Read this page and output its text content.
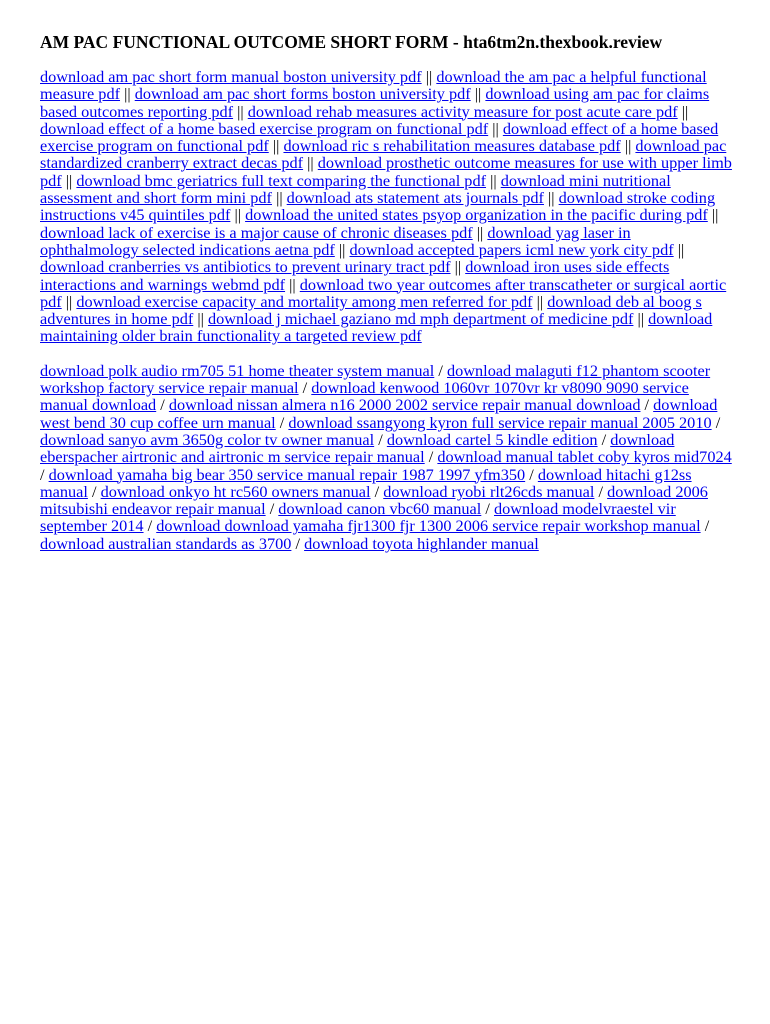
AM PAC FUNCTIONAL OUTCOME SHORT FORM - hta6tm2n.thexbook.review

download am pac short form manual boston university pdf || download the am pac a helpful functional measure pdf || download am pac short forms boston university pdf || download using am pac for claims based outcomes reporting pdf || download rehab measures activity measure for post acute care pdf || download effect of a home based exercise program on functional pdf || download effect of a home based exercise program on functional pdf || download ric s rehabilitation measures database pdf || download pac standardized cranberry extract decas pdf || download prosthetic outcome measures for use with upper limb pdf || download bmc geriatrics full text comparing the functional pdf || download mini nutritional assessment and short form mini pdf || download ats statement ats journals pdf || download stroke coding instructions v45 quintiles pdf || download the united states psyop organization in the pacific during pdf || download lack of exercise is a major cause of chronic diseases pdf || download yag laser in ophthalmology selected indications aetna pdf || download accepted papers icml new york city pdf || download cranberries vs antibiotics to prevent urinary tract pdf || download iron uses side effects interactions and warnings webmd pdf || download two year outcomes after transcatheter or surgical aortic pdf || download exercise capacity and mortality among men referred for pdf || download deb al boog s adventures in home pdf || download j michael gaziano md mph department of medicine pdf || download maintaining older brain functionality a targeted review pdf

download polk audio rm705 51 home theater system manual / download malaguti f12 phantom scooter workshop factory service repair manual / download kenwood 1060vr 1070vr kr v8090 9090 service manual download / download nissan almera n16 2000 2002 service repair manual download / download west bend 30 cup coffee urn manual / download ssangyong kyron full service repair manual 2005 2010 / download sanyo avm 3650g color tv owner manual / download cartel 5 kindle edition / download eberspacher airtronic and airtronic m service repair manual / download manual tablet coby kyros mid7024 / download yamaha big bear 350 service manual repair 1987 1997 yfm350 / download hitachi g12ss manual / download onkyo ht rc560 owners manual / download ryobi rlt26cds manual / download 2006 mitsubishi endeavor repair manual / download canon vbc60 manual / download modelvraestel vir september 2014 / download download yamaha fjr1300 fjr 1300 2006 service repair workshop manual / download australian standards as 3700 / download toyota highlander manual
